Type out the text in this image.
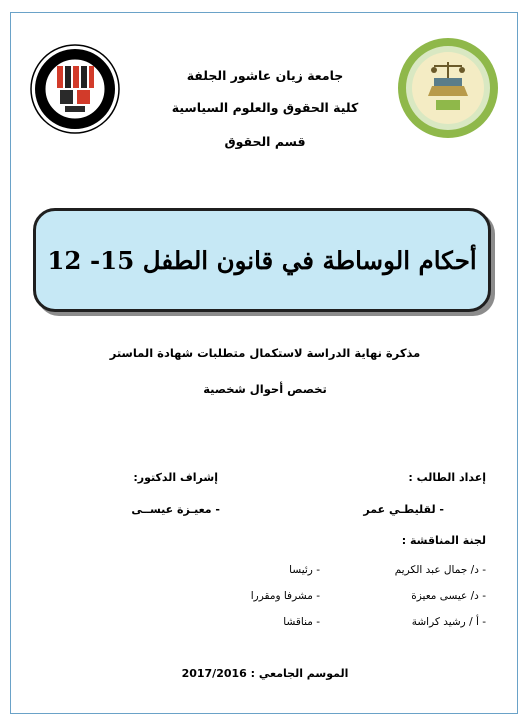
جامعة زيان عاشور الجلفة
كلية الحقوق والعلوم السياسية
قسم الحقوق
أحكام الوساطة في قانون الطفل 15- 12
مذكرة نهاية الدراسة لاستكمال متطلبات شهادة الماستر
تخصص أحوال شخصية
إعداد الطالب :
إشراف الدكتور:
- لقليطـي عمر
- معيـزة عيســى
لجنة المناقشة :
- د/ جمال عبد الكريم
- رئيسا
- د/ عيسى معيزة
- مشرفا ومقررا
- أ / رشيد كراشة
- مناقشا
الموسم الجامعي : 2017/2016
